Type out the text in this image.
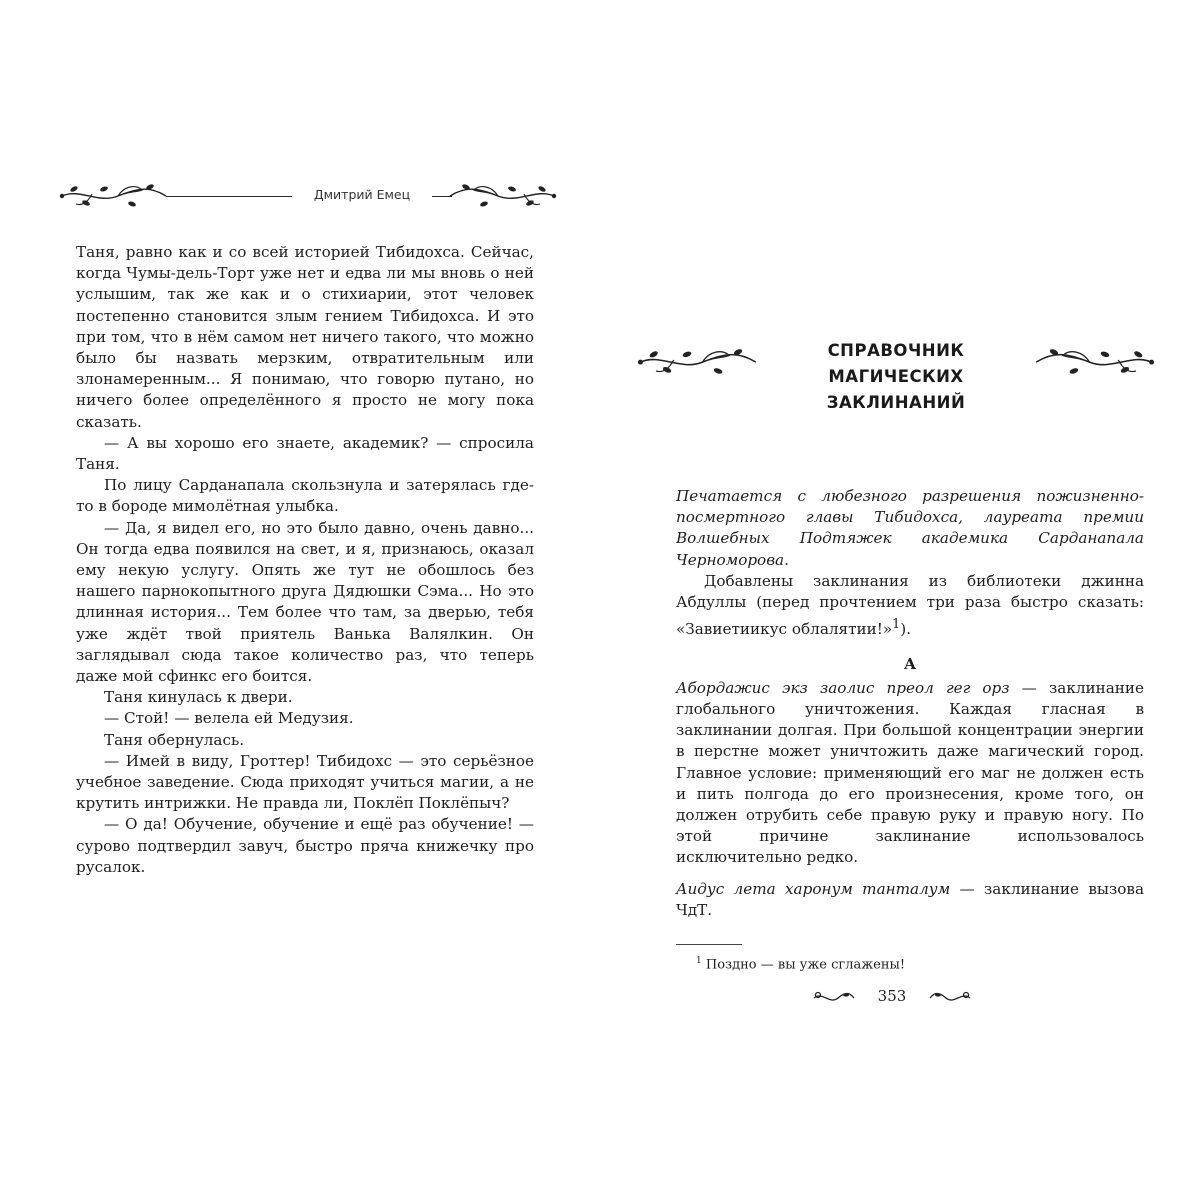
Дмитрий Емец

Таня, равно как и со всей историей Тибидохса. Сейчас, когда Чумы-дель-Торт уже нет и едва ли мы вновь о ней услышим, так же как и о стихиарии, этот человек постепенно становится злым гением Тибидохса. И это при том, что в нём самом нет ничего такого, что можно было бы назвать мерзким, отвратительным или злонамеренным... Я понимаю, что говорю путано, но ничего более определённого я просто не могу пока сказать.

— А вы хорошо его знаете, академик? — спросила Таня.

По лицу Сарданапала скользнула и затерялась где-то в бороде мимолётная улыбка.

— Да, я видел его, но это было давно, очень давно... Он тогда едва появился на свет, и я, признаюсь, оказал ему некую услугу. Опять же тут не обошлось без нашего парнокопытного друга Дядюшки Сэма... Но это длинная история... Тем более что там, за дверью, тебя уже ждёт твой приятель Ванька Валялкин. Он заглядывал сюда такое количество раз, что теперь даже мой сфинкс его боится.

Таня кинулась к двери.

— Стой! — велела ей Медузия.

Таня обернулась.

— Имей в виду, Гроттер! Тибидохс — это серьёзное учебное заведение. Сюда приходят учиться магии, а не крутить интрижки. Не правда ли, Поклёп Поклёпыч?

— О да! Обучение, обучение и ещё раз обучение! — сурово подтвердил завуч, быстро пряча книжечку про русалок.

СПРАВОЧНИК
МАГИЧЕСКИХ ЗАКЛИНАНИЙ

Печатается с любезного разрешения пожизненно-посмертного главы Тибидохса, лауреата премии Волшебных Подтяжек академика Сарданапала Черноморова.

Добавлены заклинания из библиотеки джинна Абдуллы (перед прочтением три раза быстро сказать: «Завиетиикус облалятии!»$^1$).

А

Абордажис экз заолис преол гег орз — заклинание глобального уничтожения. Каждая гласная в заклинании долгая. При большой концентрации энергии в перстне может уничтожить даже магический город. Главное условие: применяющий его маг не должен есть и пить полгода до его произнесения, кроме того, он должен отрубить себе правую руку и правую ногу. По этой причине заклинание использовалось исключительно редко.

Аидус лета харонум танталум — заклинание вызова ЧдТ.

$^1$ Поздно — вы уже сглажены!
353
